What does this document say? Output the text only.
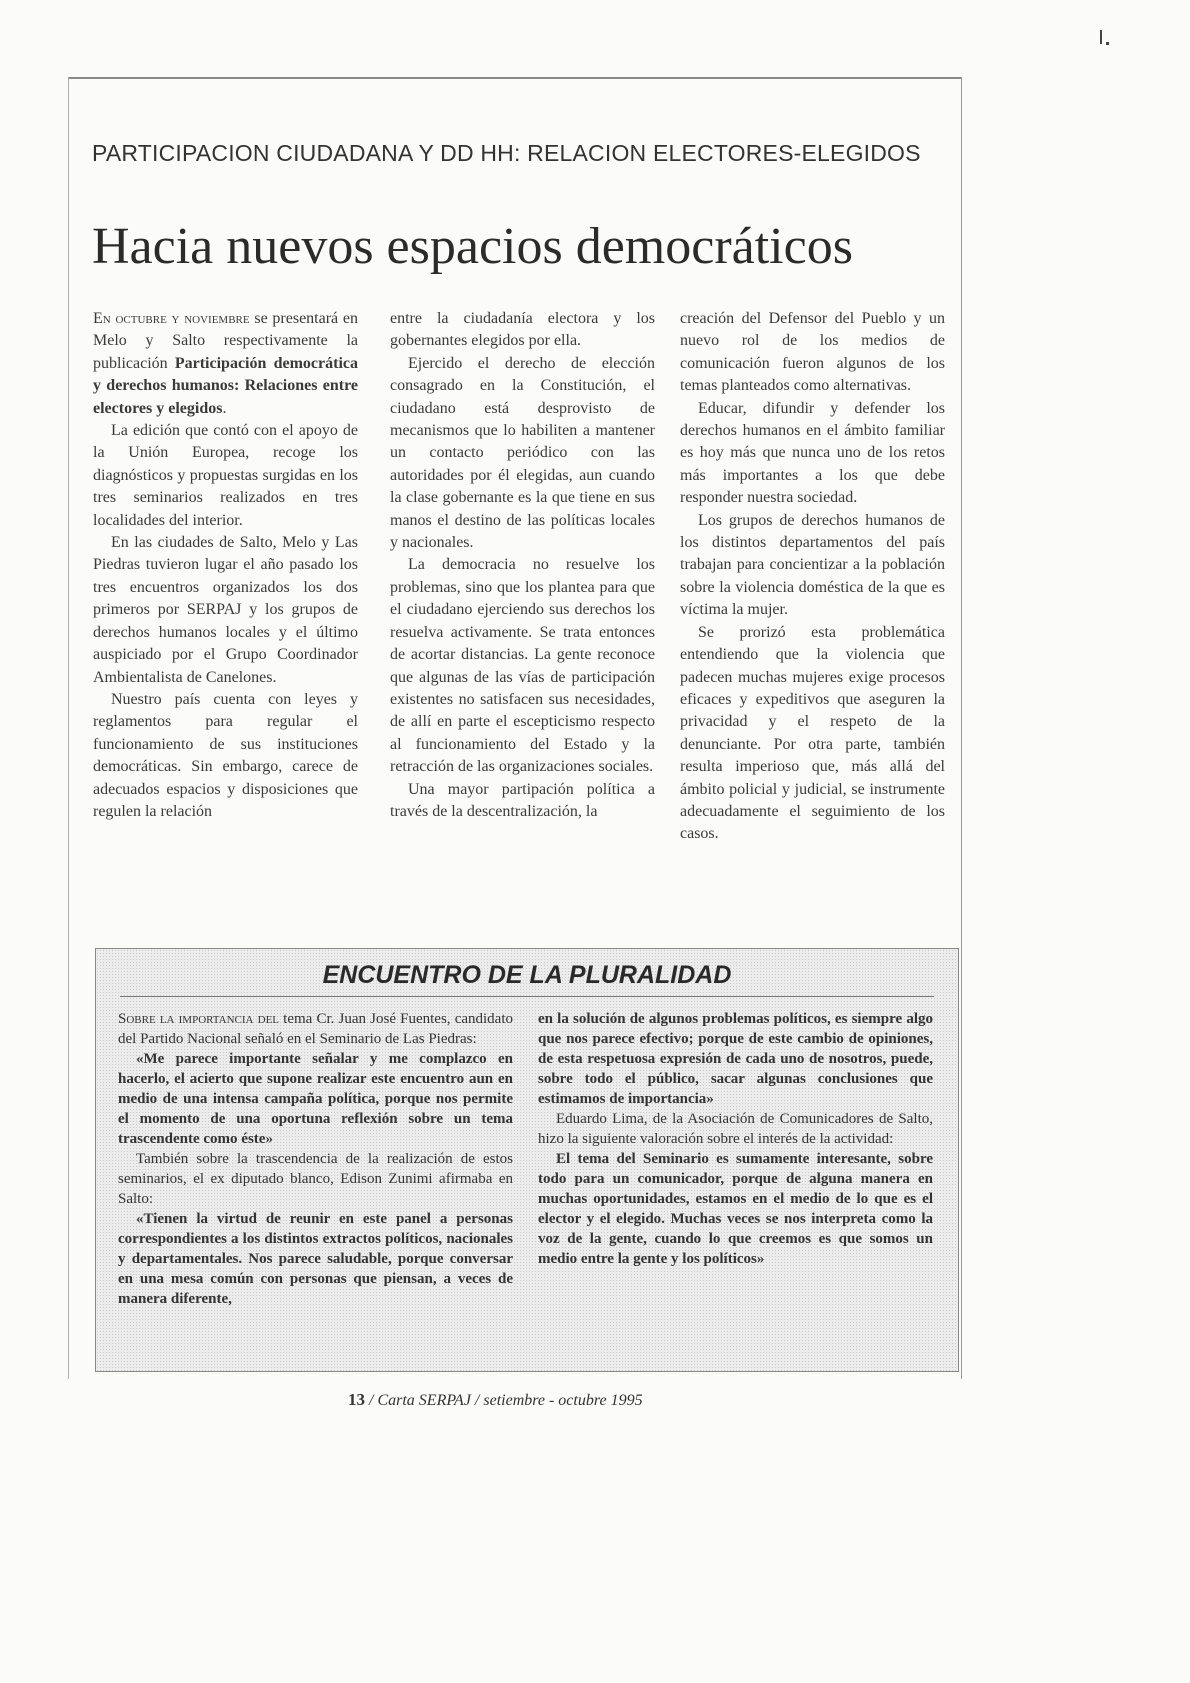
PARTICIPACION CIUDADANA Y DD HH: RELACION ELECTORES-ELEGIDOS
Hacia nuevos espacios democráticos

En octubre y noviembre se presentará en Melo y Salto respectivamente la publicación Participación democrática y derechos humanos: Relaciones entre electores y elegidos.

La edición que contó con el apoyo de la Unión Europea, recoge los diagnósticos y propuestas surgidas en los tres seminarios realizados en tres localidades del interior.

En las ciudades de Salto, Melo y Las Piedras tuvieron lugar el año pasado los tres encuentros organizados los dos primeros por SERPAJ y los grupos de derechos humanos locales y el último auspiciado por el Grupo Coordinador Ambientalista de Canelones.

Nuestro país cuenta con leyes y reglamentos para regular el funcionamiento de sus instituciones democráticas. Sin embargo, carece de adecuados espacios y disposiciones que regulen la relación

entre la ciudadanía electora y los gobernantes elegidos por ella.

Ejercido el derecho de elección consagrado en la Constitución, el ciudadano está desprovisto de mecanismos que lo habiliten a mantener un contacto periódico con las autoridades por él elegidas, aun cuando la clase gobernante es la que tiene en sus manos el destino de las políticas locales y nacionales.

La democracia no resuelve los problemas, sino que los plantea para que el ciudadano ejerciendo sus derechos los resuelva activamente. Se trata entonces de acortar distancias. La gente reconoce que algunas de las vías de participación existentes no satisfacen sus necesidades, de allí en parte el escepticismo respecto al funcionamiento del Estado y la retracción de las organizaciones sociales.

Una mayor partipación política a través de la descentralización, la

creación del Defensor del Pueblo y un nuevo rol de los medios de comunicación fueron algunos de los temas planteados como alternativas.

Educar, difundir y defender los derechos humanos en el ámbito familiar es hoy más que nunca uno de los retos más importantes a los que debe responder nuestra sociedad.

Los grupos de derechos humanos de los distintos departamentos del país trabajan para concientizar a la población sobre la violencia doméstica de la que es víctima la mujer.

Se prorizó esta problemática entendiendo que la violencia que padecen muchas mujeres exige procesos eficaces y expeditivos que aseguren la privacidad y el respeto de la denunciante. Por otra parte, también resulta imperioso que, más allá del ámbito policial y judicial, se instrumente adecuadamente el seguimiento de los casos.

ENCUENTRO DE LA PLURALIDAD

Sobre la importancia del tema Cr. Juan José Fuentes, candidato del Partido Nacional señaló en el Seminario de Las Piedras:

«Me parece importante señalar y me complazco en hacerlo, el acierto que supone realizar este encuentro aun en medio de una intensa campaña política, porque nos permite el momento de una oportuna reflexión sobre un tema trascendente como éste»

También sobre la trascendencia de la realización de estos seminarios, el ex diputado blanco, Edison Zunimi afirmaba en Salto:

«Tienen la virtud de reunir en este panel a personas correspondientes a los distintos extractos políticos, nacionales y departamentales. Nos parece saludable, porque conversar en una mesa común con personas que piensan, a veces de manera diferente,

en la solución de algunos problemas políticos, es siempre algo que nos parece efectivo; porque de este cambio de opiniones, de esta respetuosa expresión de cada uno de nosotros, puede, sobre todo el público, sacar algunas conclusiones que estimamos de importancia»

Eduardo Lima, de la Asociación de Comunicadores de Salto, hizo la siguiente valoración sobre el interés de la actividad:

El tema del Seminario es sumamente interesante, sobre todo para un comunicador, porque de alguna manera en muchas oportunidades, estamos en el medio de lo que es el elector y el elegido. Muchas veces se nos interpreta como la voz de la gente, cuando lo que creemos es que somos un medio entre la gente y los políticos»

13 / Carta SERPAJ / setiembre - octubre 1995
